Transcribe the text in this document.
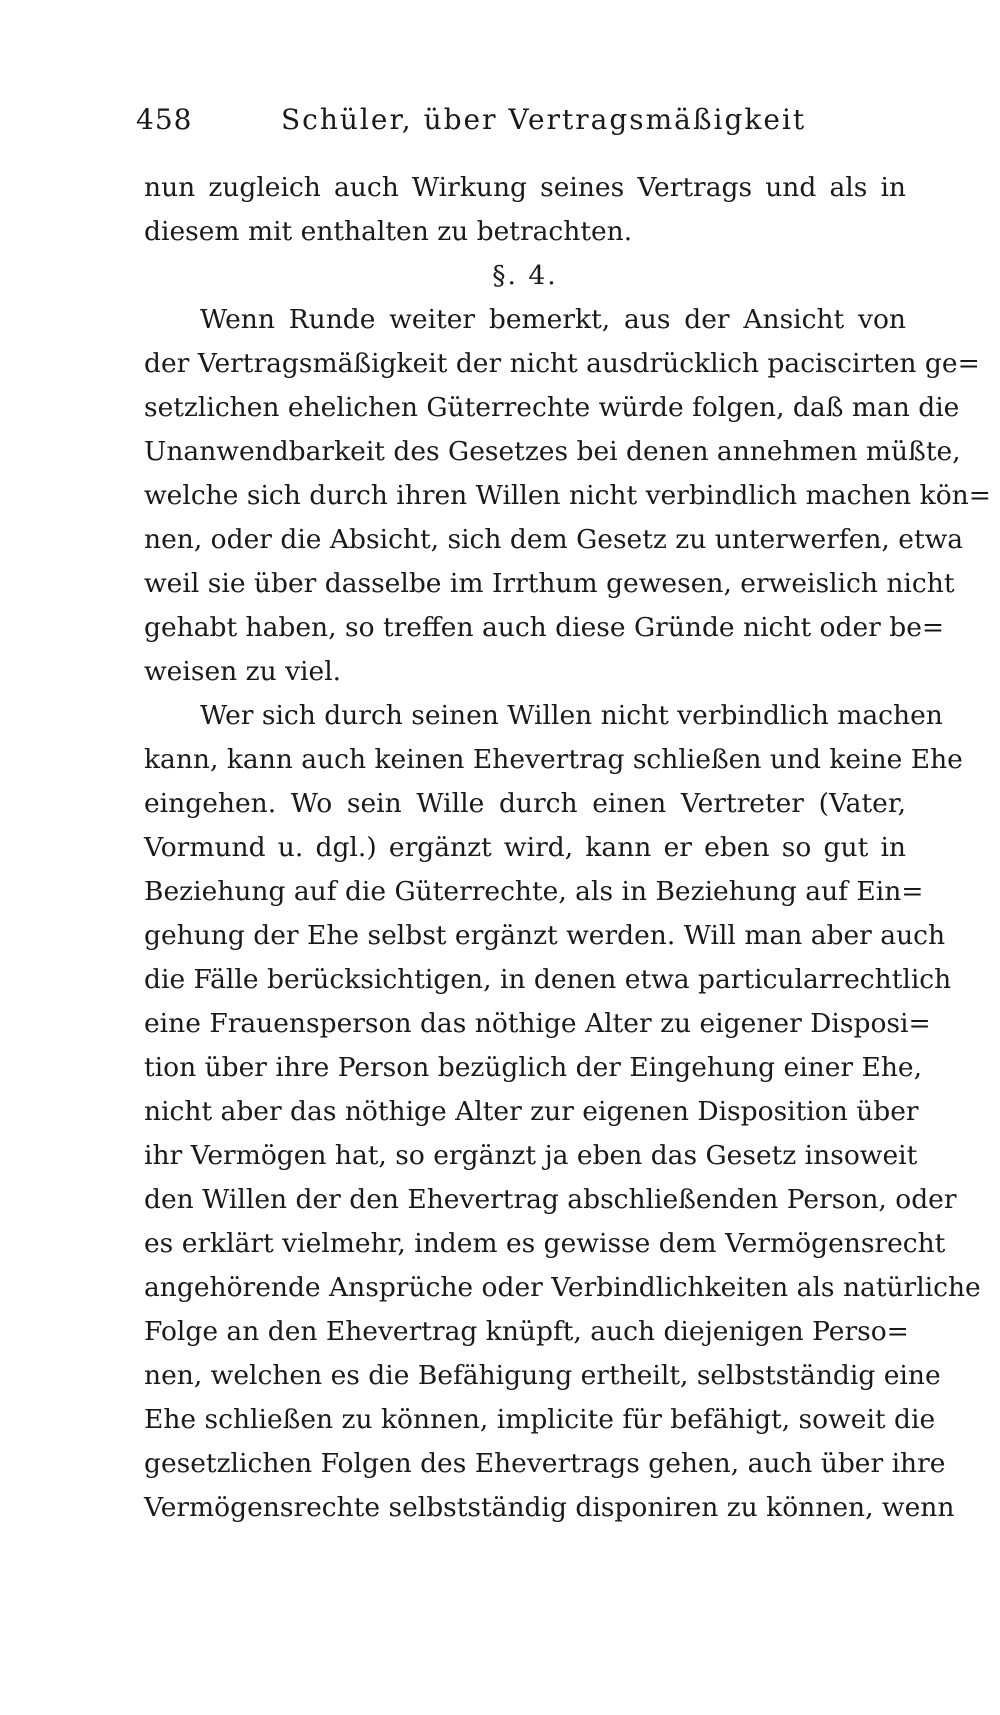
458	Schüler, über Vertragsmäßigkeit
nun zugleich auch Wirkung seines Vertrags und als in
diesem mit enthalten zu betrachten.
§. 4.
Wenn Runde weiter bemerkt, aus der Ansicht von
der Vertragsmäßigkeit der nicht ausdrücklich paciscirten ge=
setzlichen ehelichen Güterrechte würde folgen, daß man die
Unanwendbarkeit des Gesetzes bei denen annehmen müßte,
welche sich durch ihren Willen nicht verbindlich machen kön=
nen, oder die Absicht, sich dem Gesetz zu unterwerfen, etwa
weil sie über dasselbe im Irrthum gewesen, erweislich nicht
gehabt haben, so treffen auch diese Gründe nicht oder be=
weisen zu viel.
Wer sich durch seinen Willen nicht verbindlich machen
kann, kann auch keinen Ehevertrag schließen und keine Ehe
eingehen. Wo sein Wille durch einen Vertreter (Vater,
Vormund u. dgl.) ergänzt wird, kann er eben so gut in
Beziehung auf die Güterrechte, als in Beziehung auf Ein=
gehung der Ehe selbst ergänzt werden. Will man aber auch
die Fälle berücksichtigen, in denen etwa particularrechtlich
eine Frauensperson das nöthige Alter zu eigener Disposi=
tion über ihre Person bezüglich der Eingehung einer Ehe,
nicht aber das nöthige Alter zur eigenen Disposition über
ihr Vermögen hat, so ergänzt ja eben das Gesetz insoweit
den Willen der den Ehevertrag abschließenden Person, oder
es erklärt vielmehr, indem es gewisse dem Vermögensrecht
angehörende Ansprüche oder Verbindlichkeiten als natürliche
Folge an den Ehevertrag knüpft, auch diejenigen Perso=
nen, welchen es die Befähigung ertheilt, selbstständig eine
Ehe schließen zu können, implicite für befähigt, soweit die
gesetzlichen Folgen des Ehevertrags gehen, auch über ihre
Vermögensrechte selbstständig disponiren zu können, wenn
